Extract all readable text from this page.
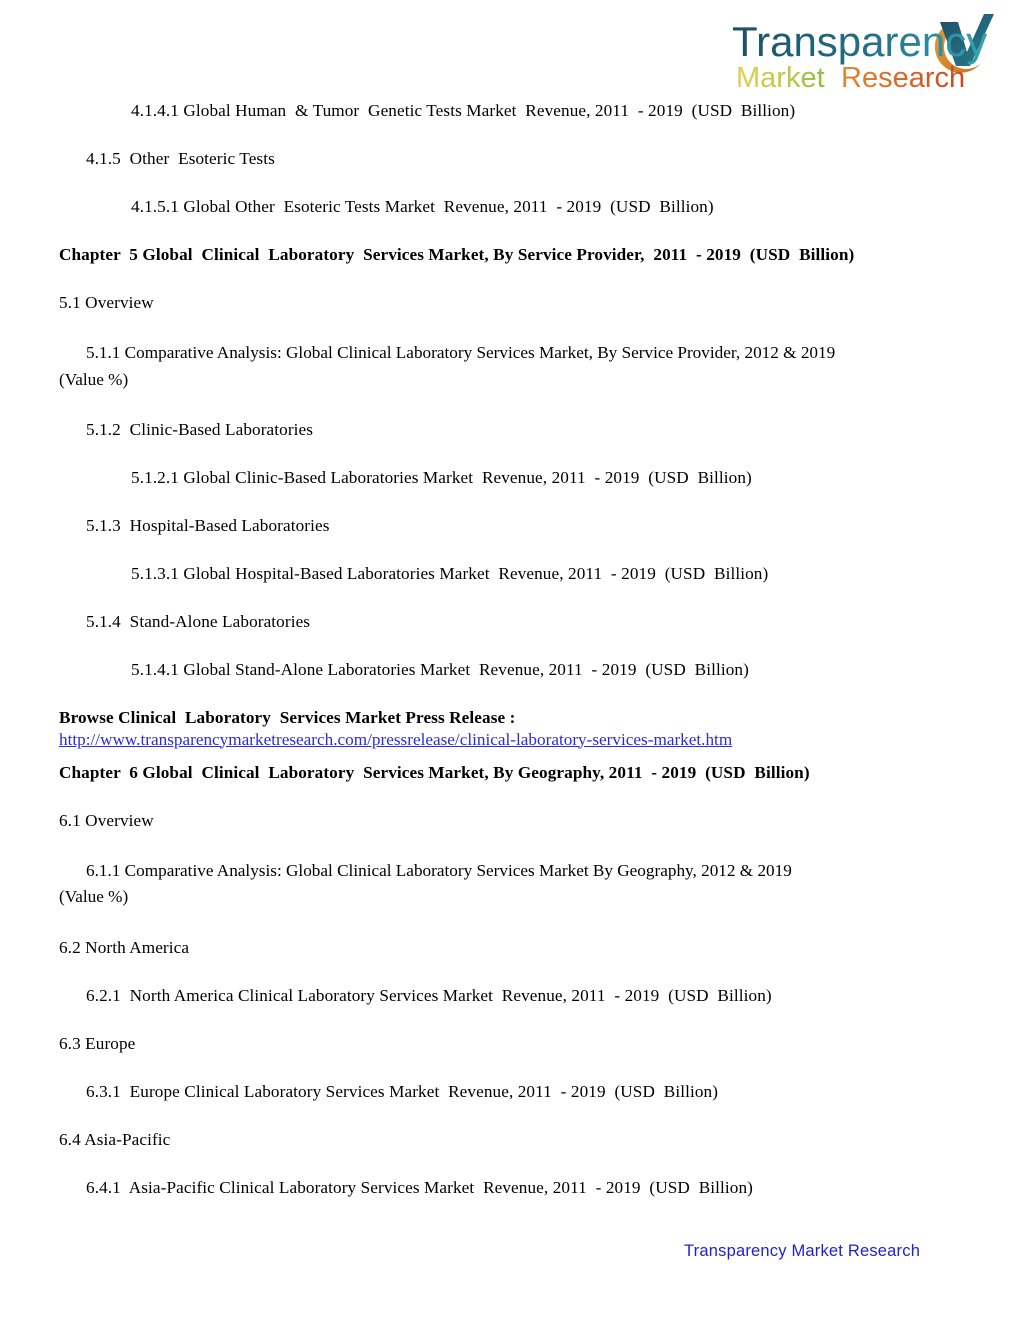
Transparency
Market Research

4.1.4.1 Global Human  & Tumor  Genetic Tests Market  Revenue, 2011  - 2019  (USD  Billion)

4.1.5  Other  Esoteric Tests

4.1.5.1 Global Other  Esoteric Tests Market  Revenue, 2011  - 2019  (USD  Billion)

Chapter  5 Global  Clinical  Laboratory  Services Market, By Service Provider,  2011  - 2019  (USD  Billion)

5.1 Overview

5.1.1 Comparative Analysis: Global Clinical Laboratory Services Market, By Service Provider, 2012 & 2019
(Value %)

5.1.2  Clinic-Based Laboratories

5.1.2.1 Global Clinic-Based Laboratories Market  Revenue, 2011  - 2019  (USD  Billion)

5.1.3  Hospital-Based Laboratories

5.1.3.1 Global Hospital-Based Laboratories Market  Revenue, 2011  - 2019  (USD  Billion)

5.1.4  Stand-Alone Laboratories

5.1.4.1 Global Stand-Alone Laboratories Market  Revenue, 2011  - 2019  (USD  Billion)

Browse Clinical  Laboratory  Services Market Press Release :

http://www.transparencymarketresearch.com/pressrelease/clinical-laboratory-services-market.htm

Chapter  6 Global  Clinical  Laboratory  Services Market, By Geography, 2011  - 2019  (USD  Billion)

6.1 Overview

6.1.1 Comparative Analysis: Global Clinical Laboratory Services Market By Geography, 2012 & 2019
(Value %)

6.2 North America

6.2.1  North America Clinical Laboratory Services Market  Revenue, 2011  - 2019  (USD  Billion)

6.3 Europe

6.3.1  Europe Clinical Laboratory Services Market  Revenue, 2011  - 2019  (USD  Billion)

6.4 Asia-Pacific

6.4.1  Asia-Pacific Clinical Laboratory Services Market  Revenue, 2011  - 2019  (USD  Billion)

Transparency Market Research
